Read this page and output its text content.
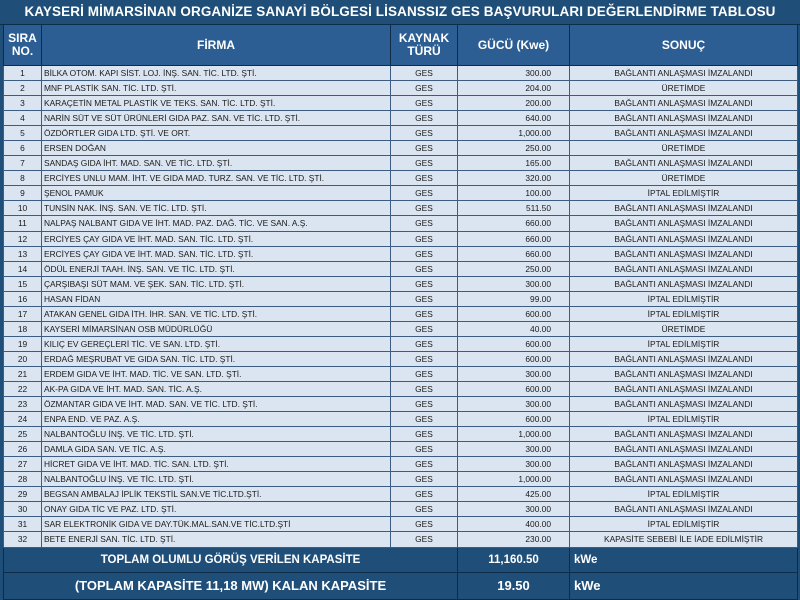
KAYSERİ MİMARSİNAN ORGANİZE SANAYİ BÖLGESİ LİSANSSIZ GES BAŞVURULARI DEĞERLENDİRME TABLOSU
SIRA NO.	FİRMA	KAYNAK TÜRÜ	GÜCÜ (Kwe)	SONUÇ
1	BİLKA OTOM. KAPI SİST. LOJ. İNŞ. SAN. TİC. LTD. ŞTİ.	GES	300.00	BAĞLANTI ANLAŞMASI İMZALANDI
2	MNF PLASTİK SAN. TİC. LTD. ŞTİ.	GES	204.00	ÜRETİMDE
3	KARAÇETİN METAL PLASTİK VE TEKS. SAN. TİC. LTD. ŞTİ.	GES	200.00	BAĞLANTI ANLAŞMASI İMZALANDI
4	NARİN SÜT VE SÜT ÜRÜNLERİ GIDA PAZ. SAN. VE TİC. LTD. ŞTİ.	GES	640.00	BAĞLANTI ANLAŞMASI İMZALANDI
5	ÖZDÖRTLER GIDA LTD. ŞTİ. VE ORT.	GES	1,000.00	BAĞLANTI ANLAŞMASI İMZALANDI
6	ERSEN DOĞAN	GES	250.00	ÜRETİMDE
7	SANDAŞ GIDA İHT. MAD. SAN. VE TİC. LTD. ŞTİ.	GES	165.00	BAĞLANTI ANLAŞMASI İMZALANDI
8	ERCİYES UNLU MAM. İHT. VE GIDA MAD. TURZ. SAN. VE TİC. LTD. ŞTİ.	GES	320.00	ÜRETİMDE
9	ŞENOL PAMUK	GES	100.00	İPTAL EDİLMİŞTİR
10	TUNSİN NAK. İNŞ. SAN. VE TİC. LTD. ŞTİ.	GES	511.50	BAĞLANTI ANLAŞMASI İMZALANDI
11	NALPAŞ NALBANT GIDA VE İHT. MAD. PAZ. DAĞ. TİC. VE SAN. A.Ş.	GES	660.00	BAĞLANTI ANLAŞMASI İMZALANDI
12	ERCİYES ÇAY GIDA VE İHT. MAD. SAN. TİC. LTD. ŞTİ.	GES	660.00	BAĞLANTI ANLAŞMASI İMZALANDI
13	ERCİYES ÇAY GIDA VE İHT. MAD. SAN. TİC. LTD. ŞTİ.	GES	660.00	BAĞLANTI ANLAŞMASI İMZALANDI
14	ÖDÜL ENERJİ TAAH. İNŞ. SAN. VE TİC. LTD. ŞTİ.	GES	250.00	BAĞLANTI ANLAŞMASI İMZALANDI
15	ÇARŞIBAŞI SÜT MAM. VE ŞEK. SAN. TİC. LTD. ŞTİ.	GES	300.00	BAĞLANTI ANLAŞMASI İMZALANDI
16	HASAN FİDAN	GES	99.00	İPTAL EDİLMİŞTİR
17	ATAKAN GENEL GIDA İTH. İHR. SAN. VE TİC. LTD. ŞTİ.	GES	600.00	İPTAL EDİLMİŞTİR
18	KAYSERİ MİMARSİNAN OSB MÜDÜRLÜĞÜ	GES	40.00	ÜRETİMDE
19	KILIÇ EV GEREÇLERİ TİC. VE SAN. LTD. ŞTİ.	GES	600.00	İPTAL EDİLMİŞTİR
20	ERDAĞ MEŞRUBAT VE GIDA SAN. TİC. LTD. ŞTİ.	GES	600.00	BAĞLANTI ANLAŞMASI İMZALANDI
21	ERDEM GIDA VE İHT. MAD. TİC. VE SAN. LTD. ŞTİ.	GES	300.00	BAĞLANTI ANLAŞMASI İMZALANDI
22	AK-PA GIDA VE İHT. MAD. SAN. TİC. A.Ş.	GES	600.00	BAĞLANTI ANLAŞMASI İMZALANDI
23	ÖZMANTAR GIDA VE İHT. MAD. SAN. VE TİC. LTD. ŞTİ.	GES	300.00	BAĞLANTI ANLAŞMASI İMZALANDI
24	ENPA END. VE PAZ. A.Ş.	GES	600.00	İPTAL EDİLMİŞTİR
25	NALBANTOĞLU İNŞ. VE TİC. LTD. ŞTİ.	GES	1,000.00	BAĞLANTI ANLAŞMASI İMZALANDI
26	DAMLA GIDA SAN. VE TİC. A.Ş.	GES	300.00	BAĞLANTI ANLAŞMASI İMZALANDI
27	HİCRET GIDA VE İHT. MAD. TİC. SAN. LTD. ŞTİ.	GES	300.00	BAĞLANTI ANLAŞMASI İMZALANDI
28	NALBANTOĞLU İNŞ. VE TİC. LTD. ŞTİ.	GES	1,000.00	BAĞLANTI ANLAŞMASI İMZALANDI
29	BEGSAN AMBALAJ İPLİK TEKSTİL SAN.VE TİC.LTD.ŞTİ.	GES	425.00	İPTAL EDİLMİŞTİR
30	ONAY GIDA TİC VE PAZ. LTD. ŞTİ.	GES	300.00	BAĞLANTI ANLAŞMASI İMZALANDI
31	SAR ELEKTRONİK GIDA VE DAY.TÜK.MAL.SAN.VE TİC.LTD.ŞTİ	GES	400.00	İPTAL EDİLMİŞTİR
32	BETE ENERJİ SAN. TİC. LTD. ŞTİ.	GES	230.00	KAPASİTE SEBEBİ İLE İADE EDİLMİŞTİR
TOPLAM OLUMLU GÖRÜŞ VERİLEN KAPASİTE			11,160.50	kWe
(TOPLAM KAPASİTE 11,18 MW) KALAN KAPASİTE			19.50	kWe
